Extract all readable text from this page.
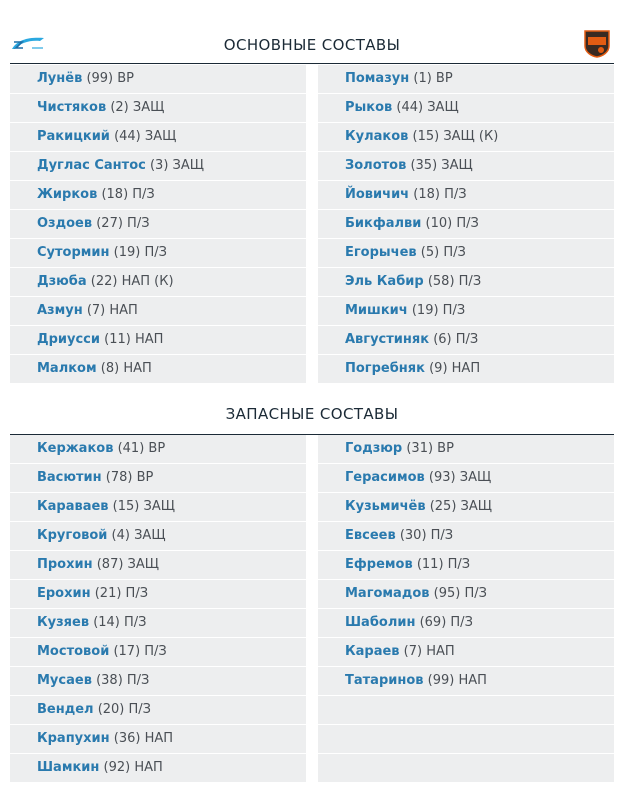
ОСНОВНЫЕ СОСТАВЫ
Лунёв (99) ВР
Чистяков (2) ЗАЩ
Ракицкий (44) ЗАЩ
Дуглас Сантос (3) ЗАЩ
Жирков (18) П/З
Оздоев (27) П/З
Сутормин (19) П/З
Дзюба (22) НАП (К)
Азмун (7) НАП
Дриусси (11) НАП
Малком (8) НАП
Помазун (1) ВР
Рыков (44) ЗАЩ
Кулаков (15) ЗАЩ (К)
Золотов (35) ЗАЩ
Йовичич (18) П/З
Бикфалви (10) П/З
Егорычев (5) П/З
Эль Кабир (58) П/З
Мишкич (19) П/З
Августиняк (6) П/З
Погребняк (9) НАП
ЗАПАСНЫЕ СОСТАВЫ
Кержаков (41) ВР
Васютин (78) ВР
Караваев (15) ЗАЩ
Круговой (4) ЗАЩ
Прохин (87) ЗАЩ
Ерохин (21) П/З
Кузяев (14) П/З
Мостовой (17) П/З
Мусаев (38) П/З
Вендел (20) П/З
Крапухин (36) НАП
Шамкин (92) НАП
Годзюр (31) ВР
Герасимов (93) ЗАЩ
Кузьмичёв (25) ЗАЩ
Евсеев (30) П/З
Ефремов (11) П/З
Магомадов (95) П/З
Шаболин (69) П/З
Караев (7) НАП
Татаринов (99) НАП
